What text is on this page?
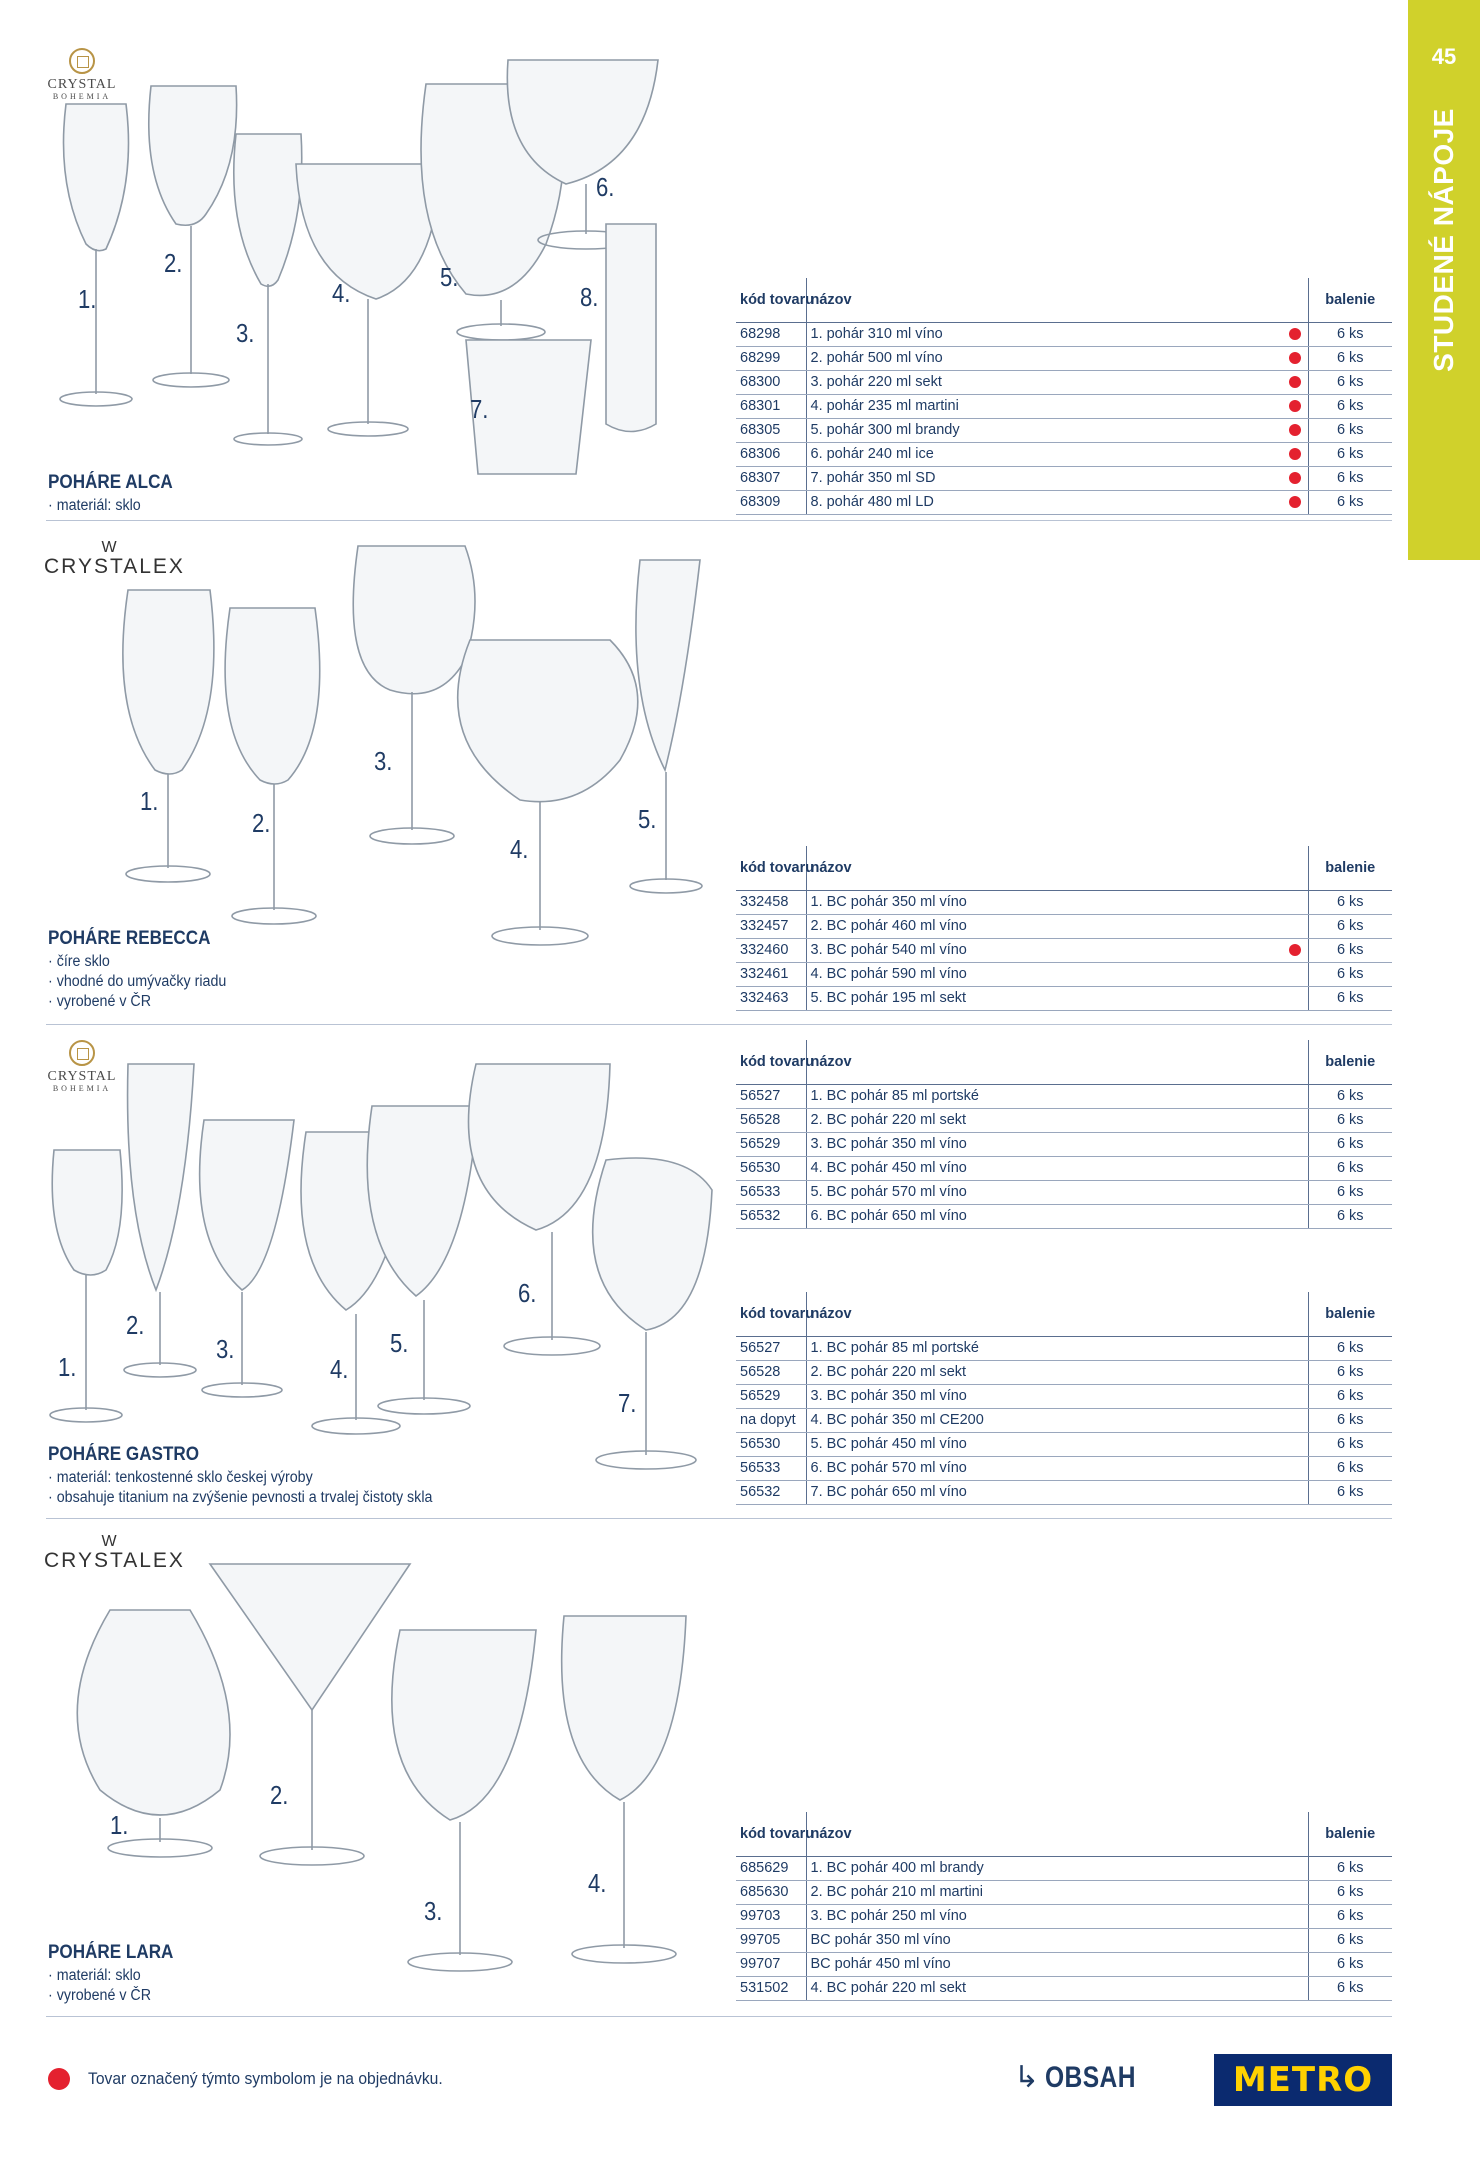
45
STUDENÉ NÁPOJE
CRYSTAL
BOHEMIA
1.
2.
3.
4.
5.
6.
7.
8.
POHÁRE ALCA
· materiál: sklo
kód tovaru	názov		balenie
68298	1. pohár 310 ml víno		6 ks
68299	2. pohár 500 ml víno		6 ks
68300	3. pohár 220 ml sekt		6 ks
68301	4. pohár 235 ml martini		6 ks
68305	5. pohár 300 ml brandy		6 ks
68306	6. pohár 240 ml ice		6 ks
68307	7. pohár 350 ml SD		6 ks
68309	8. pohár 480 ml LD		6 ks
W
CRYSTALEX
1.
2.
3.
4.
5.
POHÁRE REBECCA
· číre sklo
· vhodné do umývačky riadu
· vyrobené v ČR
kód tovaru	názov		balenie
332458	1. BC pohár 350 ml víno		6 ks
332457	2. BC pohár 460 ml víno		6 ks
332460	3. BC pohár 540 ml víno		6 ks
332461	4. BC pohár 590 ml víno		6 ks
332463	5. BC pohár 195 ml sekt		6 ks
CRYSTAL
BOHEMIA
1.
2.
3.
4.
5.
6.
7.
POHÁRE GASTRO
· materiál: tenkostenné sklo českej výroby
· obsahuje titanium na zvýšenie pevnosti a trvalej čistoty skla
kód tovaru	názov		balenie
56527	1. BC pohár 85 ml portské		6 ks
56528	2. BC pohár 220 ml sekt		6 ks
56529	3. BC pohár 350 ml víno		6 ks
56530	4. BC pohár 450 ml víno		6 ks
56533	5. BC pohár 570 ml víno		6 ks
56532	6. BC pohár 650 ml víno		6 ks
kód tovaru	názov		balenie
56527	1. BC pohár 85 ml portské		6 ks
56528	2. BC pohár 220 ml sekt		6 ks
56529	3. BC pohár 350 ml víno		6 ks
na dopyt	4. BC pohár 350 ml CE200		6 ks
56530	5. BC pohár 450 ml víno		6 ks
56533	6. BC pohár 570 ml víno		6 ks
56532	7. BC pohár 650 ml víno		6 ks
W
CRYSTALEX
1.
2.
3.
4.
POHÁRE LARA
· materiál: sklo
· vyrobené v ČR
kód tovaru	názov		balenie
685629	1. BC pohár 400 ml brandy		6 ks
685630	2. BC pohár 210 ml martini		6 ks
99703	3. BC pohár 250 ml víno		6 ks
99705	BC pohár 350 ml víno		6 ks
99707	BC pohár 450 ml víno		6 ks
531502	4. BC pohár 220 ml sekt		6 ks
Tovar označený týmto symbolom je na objednávku.	↳ OBSAH	METRO
